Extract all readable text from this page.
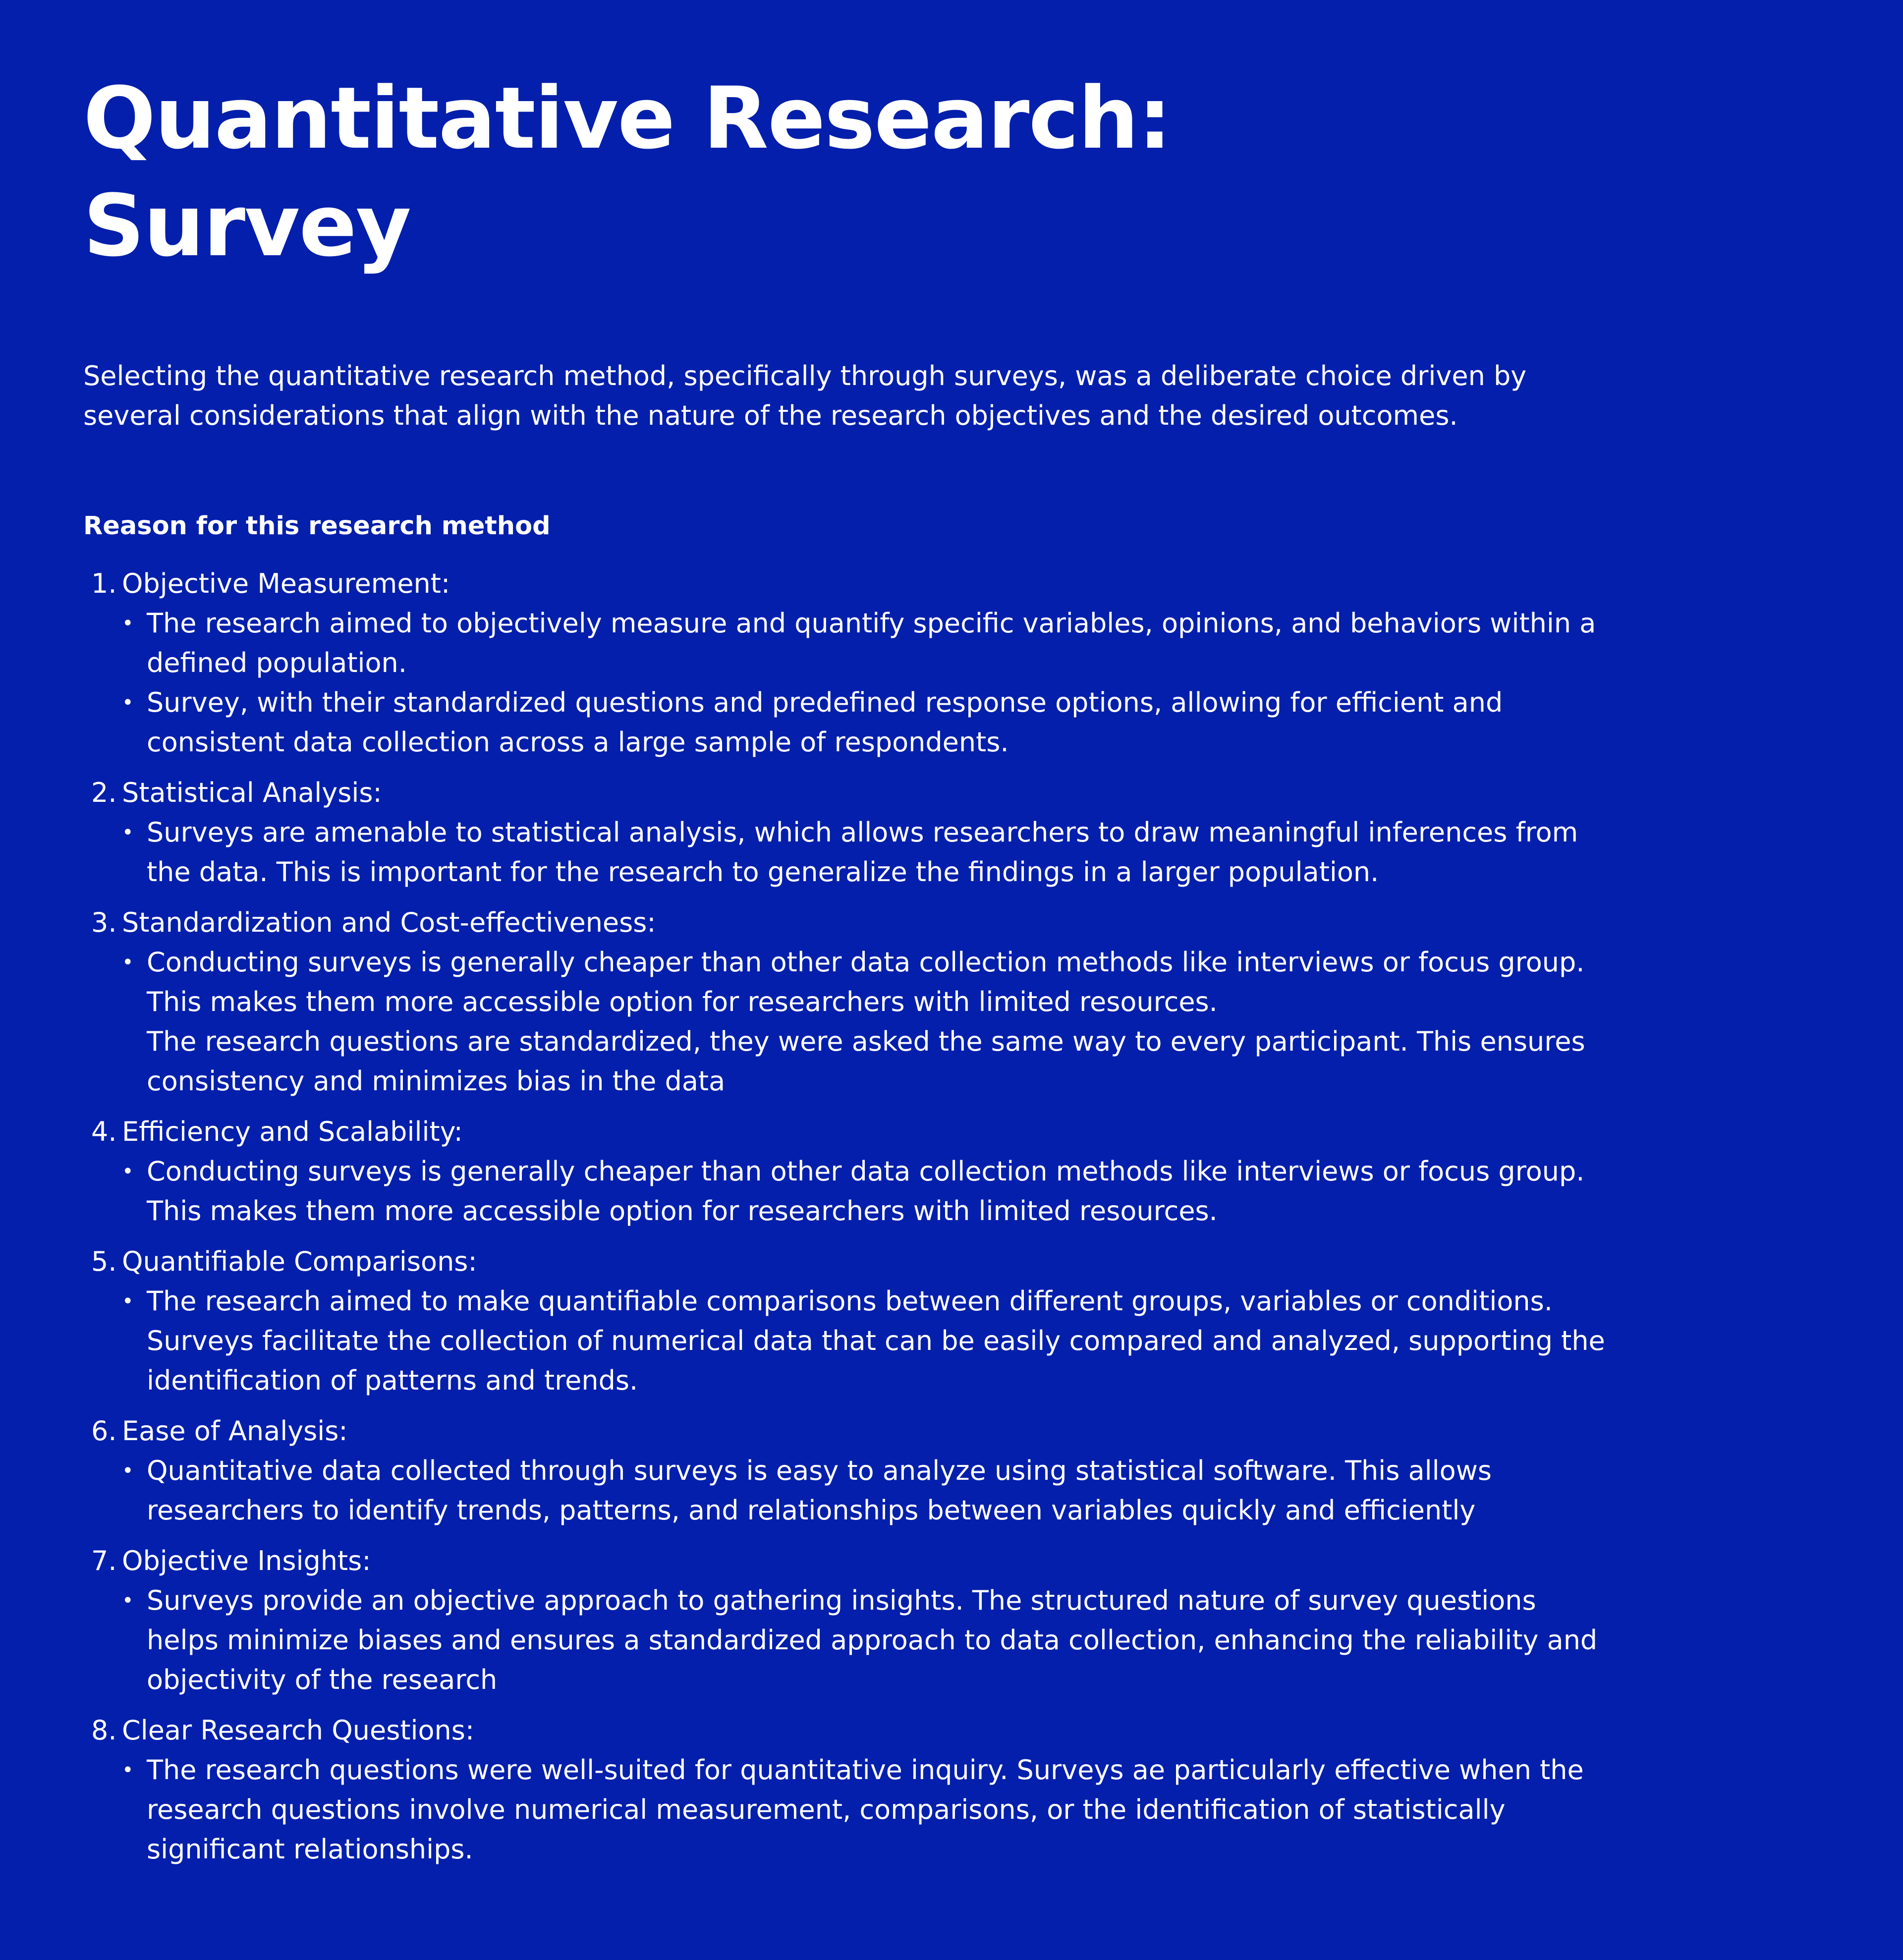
Quantitative Research:
Survey

Selecting the quantitative research method, specifically through surveys, was a deliberate choice driven by several considerations that align with the nature of the research objectives and the desired outcomes.

Reason for this research method
1. Objective Measurement:
• The research aimed to objectively measure and quantify specific variables, opinions, and behaviors within a defined population.
• Survey, with their standardized questions and predefined response options, allowing for efficient and consistent data collection across a large sample of respondents.
2. Statistical Analysis:
• Surveys are amenable to statistical analysis, which allows researchers to draw meaningful inferences from the data. This is important for the research to generalize the findings in a larger population.
3. Standardization and Cost-effectiveness:
• Conducting surveys is generally cheaper than other data collection methods like interviews or focus group. This makes them more accessible option for researchers with limited resources.
The research questions are standardized, they were asked the same way to every participant. This ensures consistency and minimizes bias in the data
4. Efficiency and Scalability:
• Conducting surveys is generally cheaper than other data collection methods like interviews or focus group. This makes them more accessible option for researchers with limited resources.
5. Quantifiable Comparisons:
• The research aimed to make quantifiable comparisons between different groups, variables or conditions. Surveys facilitate the collection of numerical data that can be easily compared and analyzed, supporting the identification of patterns and trends.
6. Ease of Analysis:
• Quantitative data collected through surveys is easy to analyze using statistical software. This allows researchers to identify trends, patterns, and relationships between variables quickly and efficiently
7. Objective Insights:
• Surveys provide an objective approach to gathering insights. The structured nature of survey questions helps minimize biases and ensures a standardized approach to data collection, enhancing the reliability and objectivity of the research
8. Clear Research Questions:
• The research questions were well-suited for quantitative inquiry. Surveys ae particularly effective when the research questions involve numerical measurement, comparisons, or the identification of statistically significant relationships.
